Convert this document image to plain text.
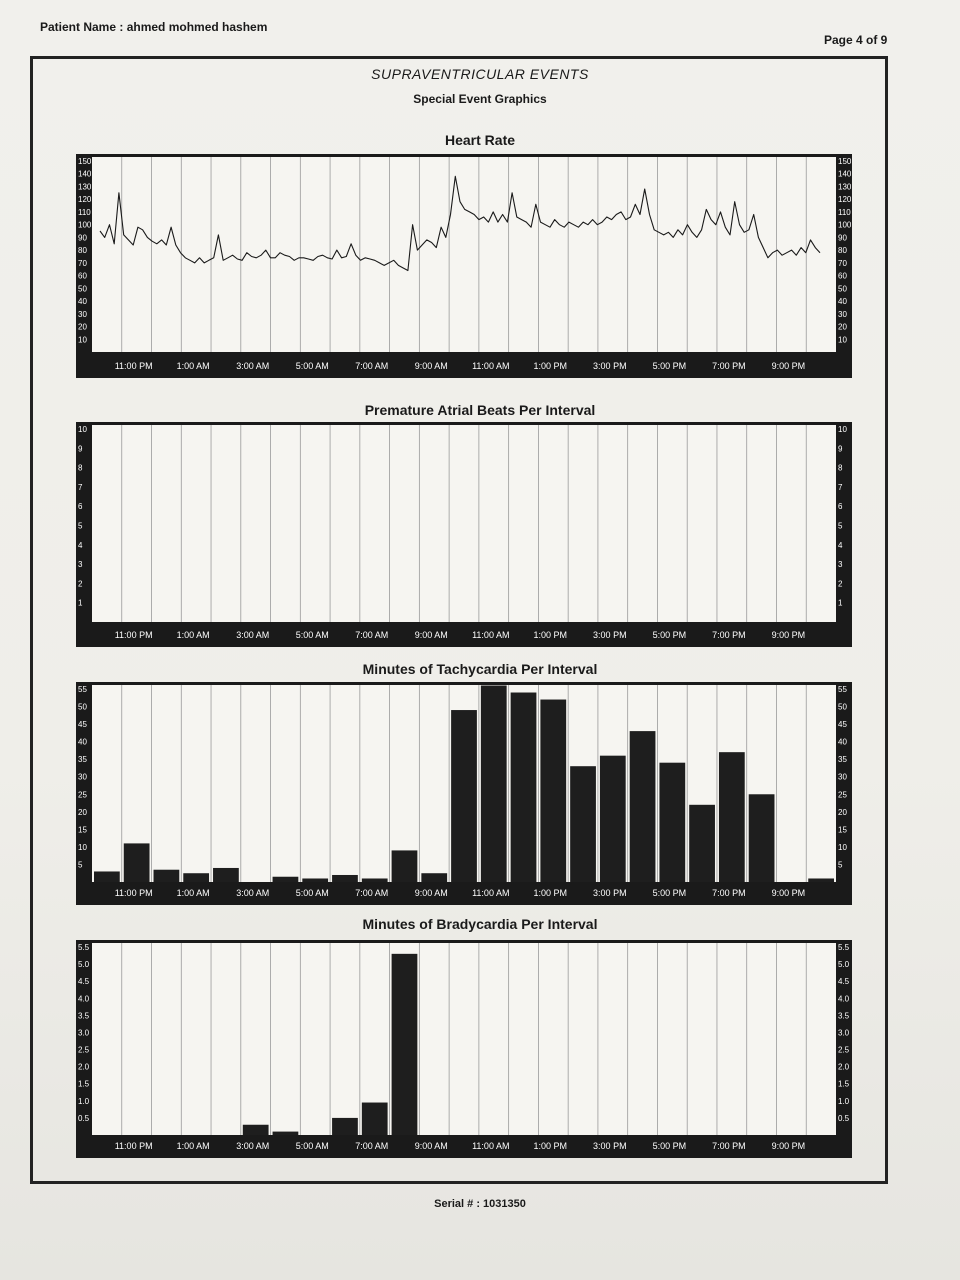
Patient Name : ahmed mohmed hashem
Page 4 of 9
SUPRAVENTRICULAR EVENTS
Special Event Graphics
Heart Rate
Premature Atrial Beats Per Interval
Minutes of Tachycardia Per Interval
Minutes of Bradycardia Per Interval
10	10
20	20
30	30
40	40
50	50
60	60
70	70
80	80
90	90
100	100
110	110
120	120
130	130
140	140
150	150
11:00 PM	1:00 AM	3:00 AM	5:00 AM	7:00 AM	9:00 AM	11:00 AM	1:00 PM	3:00 PM	5:00 PM	7:00 PM	9:00 PM
1	1
2	2
3	3
4	4
5	5
6	6
7	7
8	8
9	9
10	10
11:00 PM	1:00 AM	3:00 AM	5:00 AM	7:00 AM	9:00 AM	11:00 AM	1:00 PM	3:00 PM	5:00 PM	7:00 PM	9:00 PM
5	5
10	10
15	15
20	20
25	25
30	30
35	35
40	40
45	45
50	50
55	55
11:00 PM	1:00 AM	3:00 AM	5:00 AM	7:00 AM	9:00 AM	11:00 AM	1:00 PM	3:00 PM	5:00 PM	7:00 PM	9:00 PM
0.5	0.5
1.0	1.0
1.5	1.5
2.0	2.0
2.5	2.5
3.0	3.0
3.5	3.5
4.0	4.0
4.5	4.5
5.0	5.0
5.5	5.5
11:00 PM	1:00 AM	3:00 AM	5:00 AM	7:00 AM	9:00 AM	11:00 AM	1:00 PM	3:00 PM	5:00 PM	7:00 PM	9:00 PM
Serial # : 1031350
